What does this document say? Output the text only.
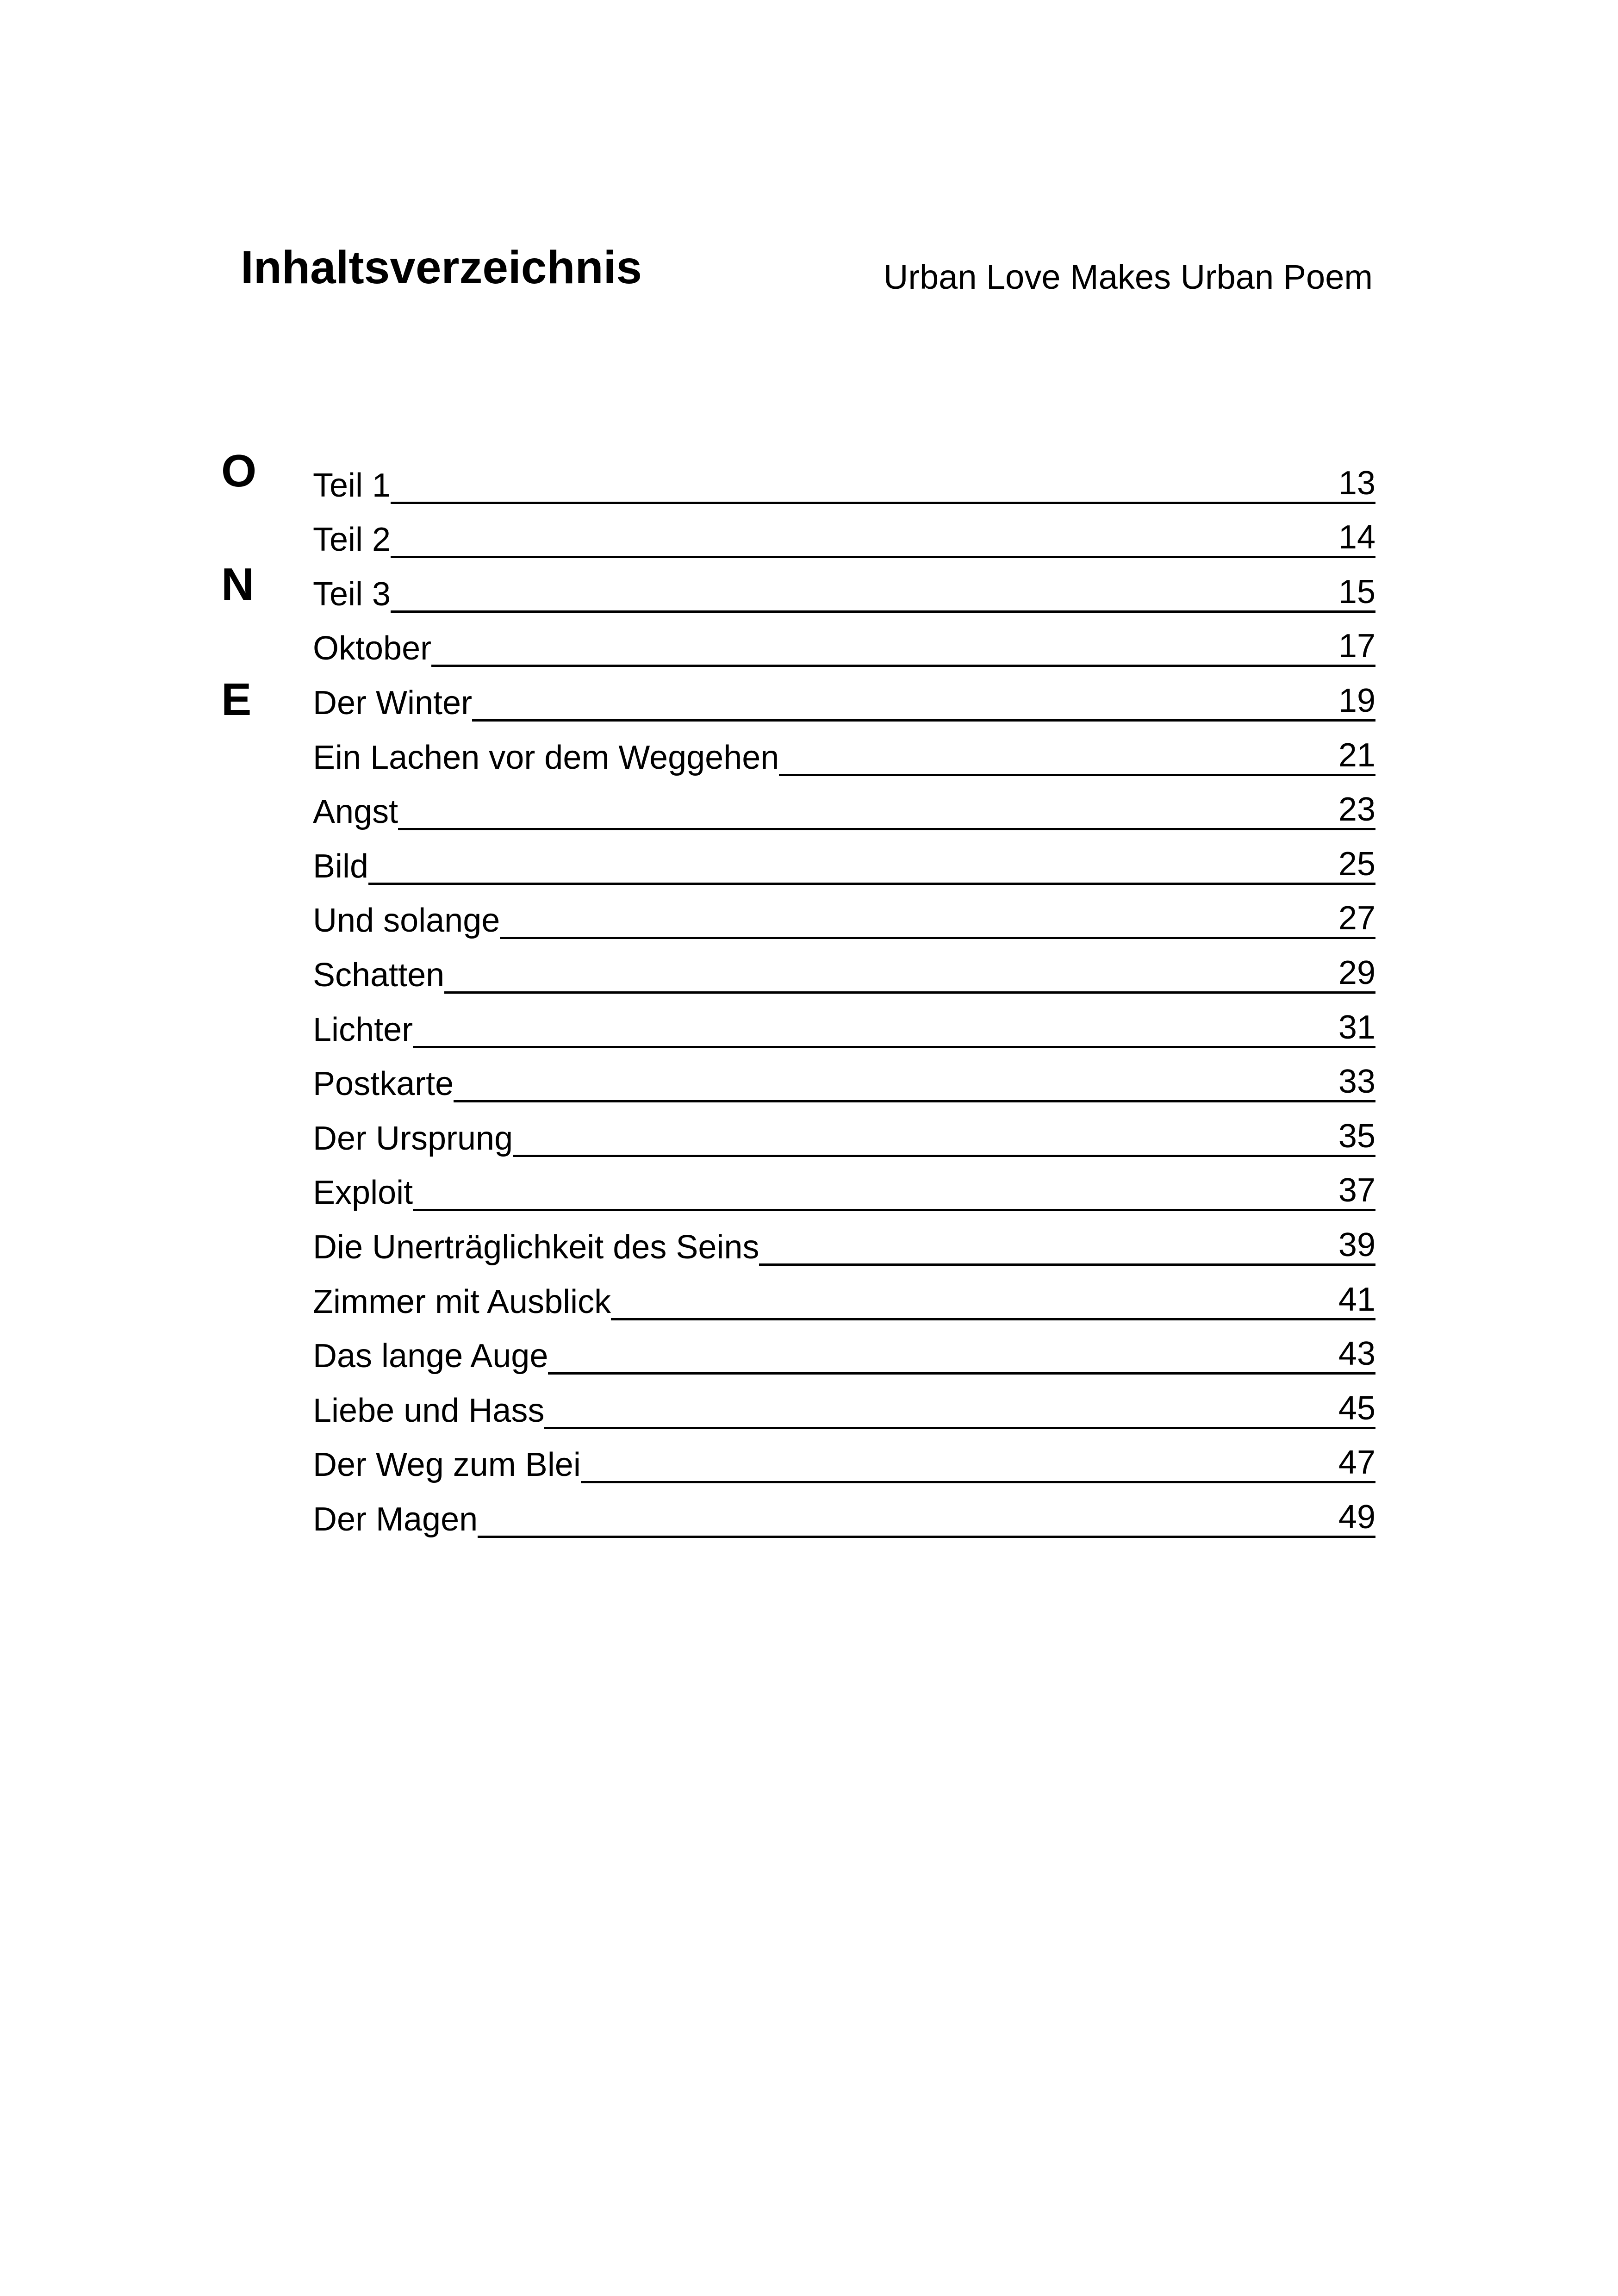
Inhaltsverzeichnis	Urban Love Makes Urban Poem
O
N
E
Teil 1	13
Teil 2	14
Teil 3	15
Oktober	17
Der Winter	19
Ein Lachen vor dem Weggehen	21
Angst	23
Bild	25
Und solange	27
Schatten	29
Lichter	31
Postkarte	33
Der Ursprung	35
Exploit	37
Die Unerträglichkeit des Seins	39
Zimmer mit Ausblick	41
Das lange Auge	43
Liebe und Hass	45
Der Weg zum Blei	47
Der Magen	49
